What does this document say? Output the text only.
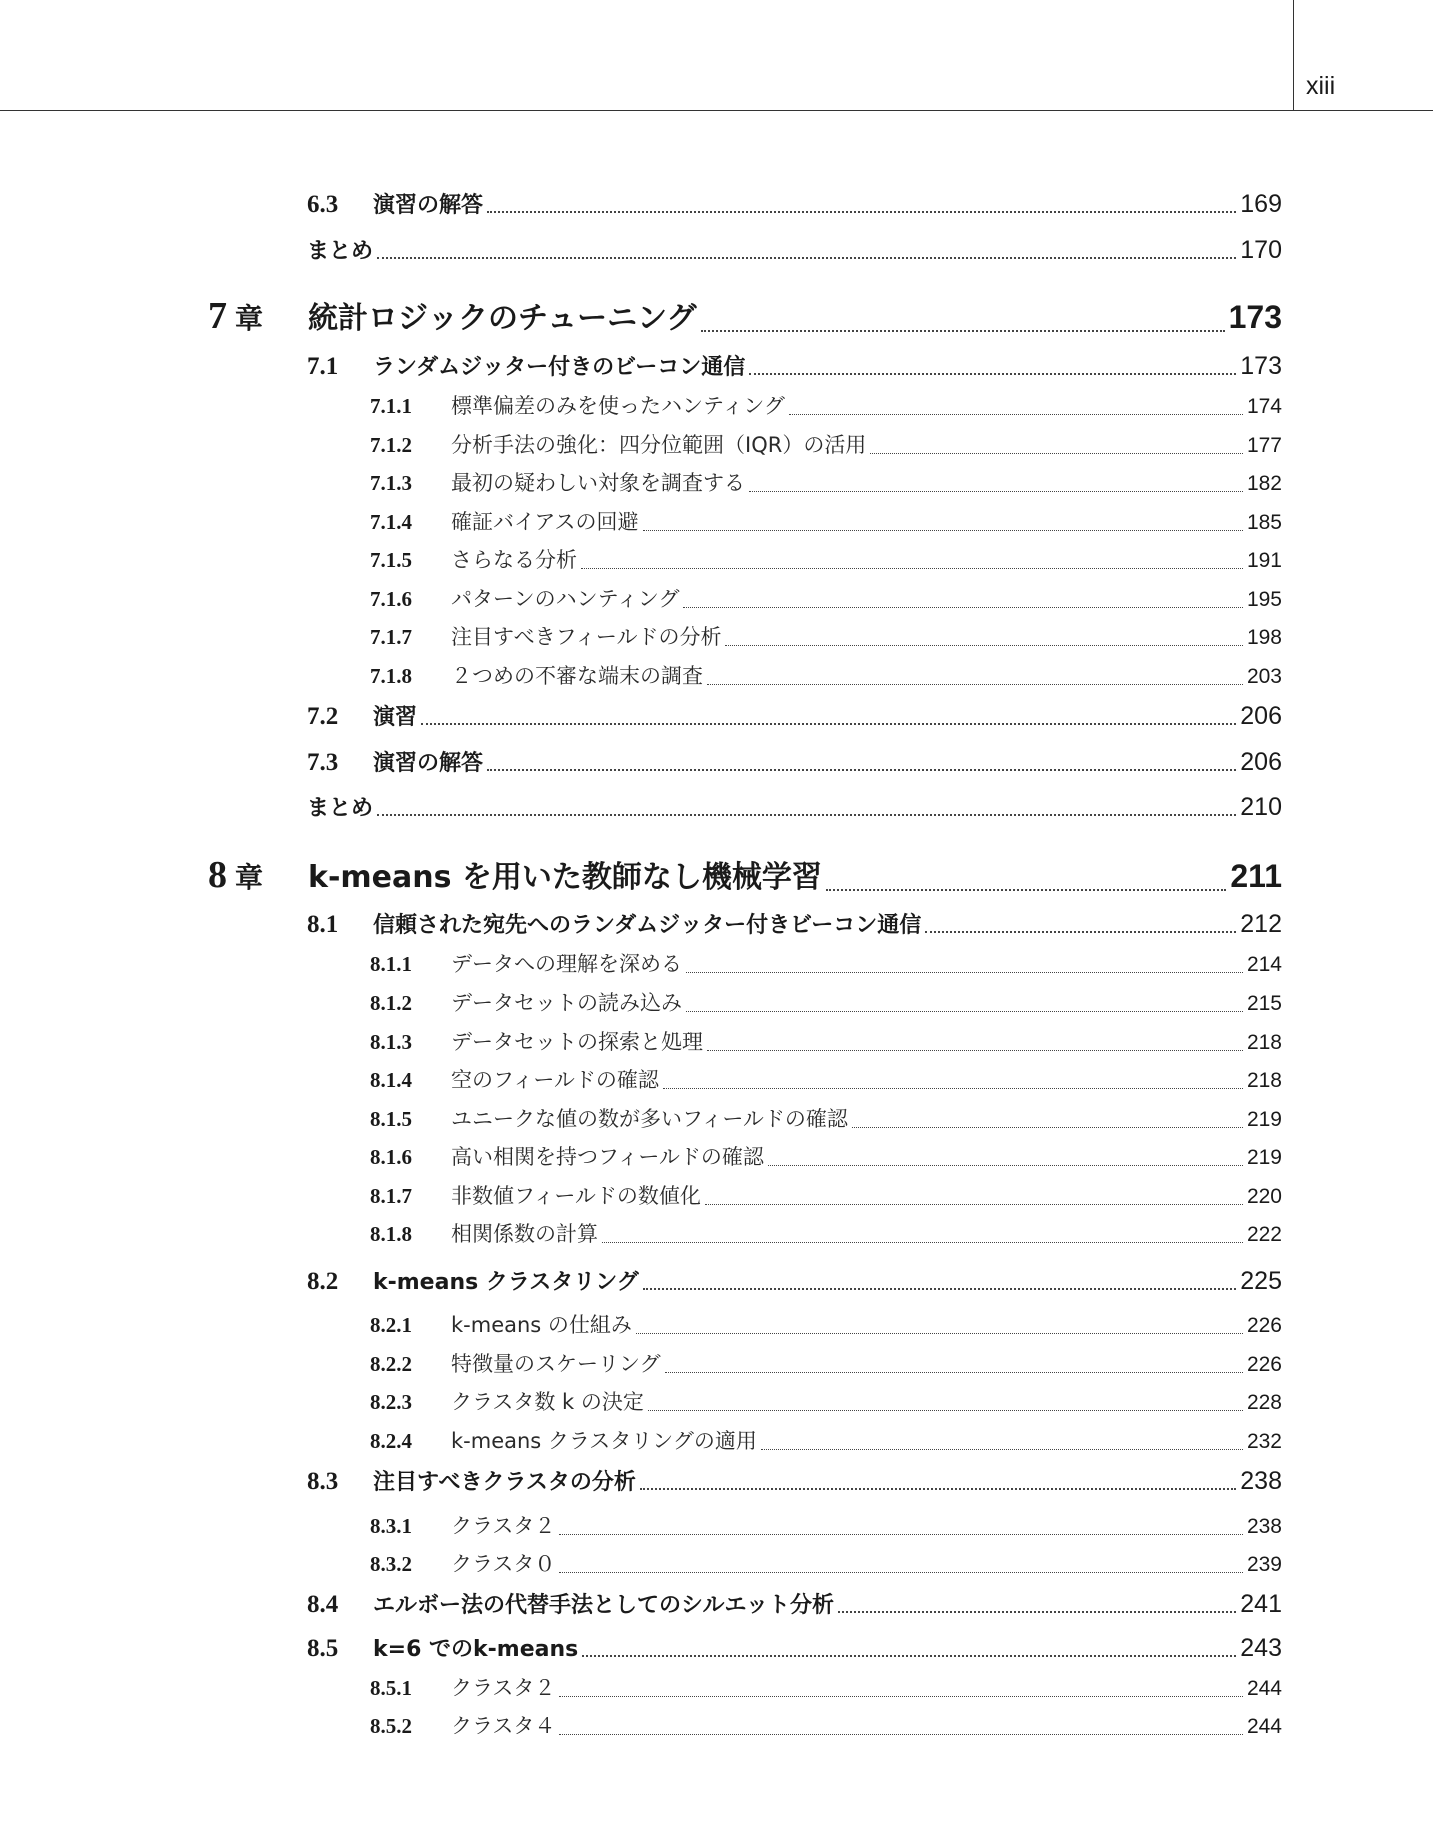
xiii
6.3	演習の解答	169
まとめ	170
7 章	統計ロジックのチューニング	173
7.1	ランダムジッター付きのビーコン通信	173
7.1.1	標準偏差のみを使ったハンティング	174
7.1.2	分析手法の強化：四分位範囲（IQR）の活用	177
7.1.3	最初の疑わしい対象を調査する	182
7.1.4	確証バイアスの回避	185
7.1.5	さらなる分析	191
7.1.6	パターンのハンティング	195
7.1.7	注目すべきフィールドの分析	198
7.1.8	２つめの不審な端末の調査	203
7.2	演習	206
7.3	演習の解答	206
まとめ	210
8 章	k-means を用いた教師なし機械学習	211
8.1	信頼された宛先へのランダムジッター付きビーコン通信	212
8.1.1	データへの理解を深める	214
8.1.2	データセットの読み込み	215
8.1.3	データセットの探索と処理	218
8.1.4	空のフィールドの確認	218
8.1.5	ユニークな値の数が多いフィールドの確認	219
8.1.6	高い相関を持つフィールドの確認	219
8.1.7	非数値フィールドの数値化	220
8.1.8	相関係数の計算	222
8.2	k-means クラスタリング	225
8.2.1	k-means の仕組み	226
8.2.2	特徴量のスケーリング	226
8.2.3	クラスタ数 k の決定	228
8.2.4	k-means クラスタリングの適用	232
8.3	注目すべきクラスタの分析	238
8.3.1	クラスタ２	238
8.3.2	クラスタ０	239
8.4	エルボー法の代替手法としてのシルエット分析	241
8.5	k=6 でのk-means	243
8.5.1	クラスタ２	244
8.5.2	クラスタ４	244
